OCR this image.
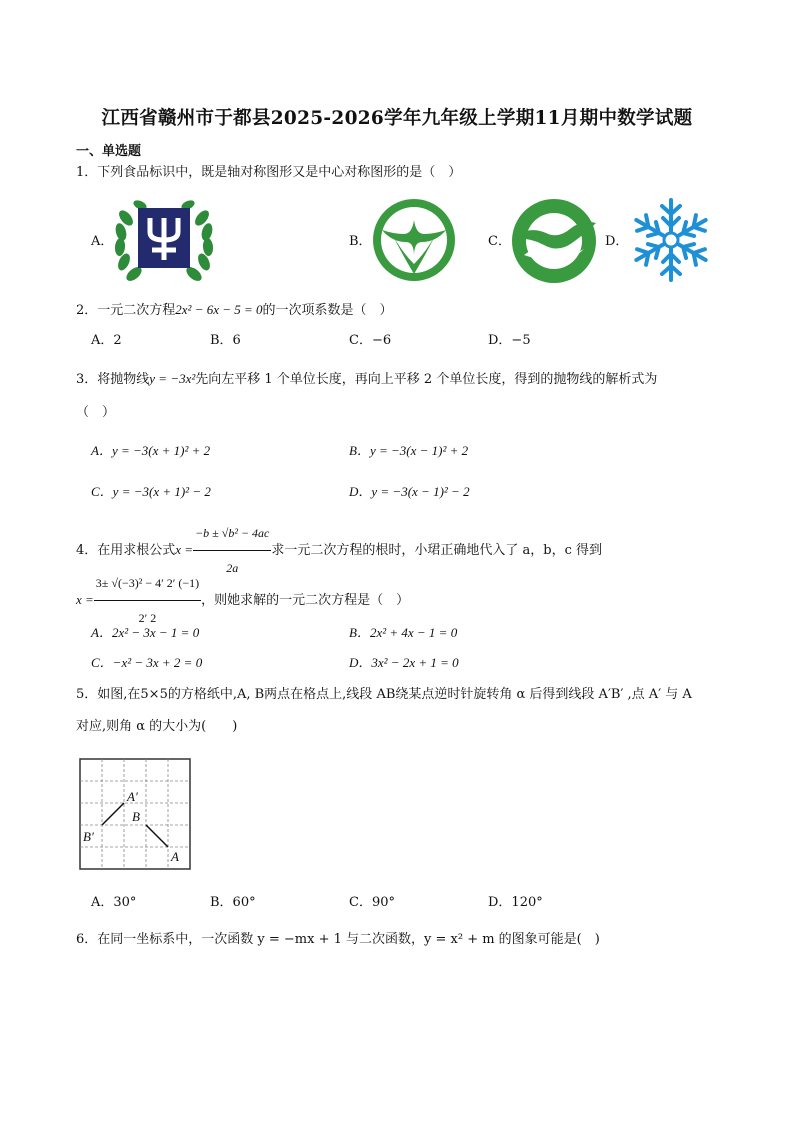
江西省赣州市于都县2025-2026学年九年级上学期11月期中数学试题
一、单选题
1．下列食品标识中，既是轴对称图形又是中心对称图形的是（　）
A．	B．	C．	D．
2．一元二次方程2x² − 6x − 5 = 0的一次项系数是（　）
A．2	B．6	C．−6	D．−5
3．将抛物线y = −3x²先向左平移 1 个单位长度，再向上平移 2 个单位长度，得到的抛物线的解析式为
（　）
A．y = −3(x + 1)² + 2	B．y = −3(x − 1)² + 2
C．y = −3(x + 1)² − 2	D．y = −3(x − 1)² − 2
4．在用求根公式$x = \frac{\text{−b ± √b² − 4ac}}{2a}$ 求一元二次方程的根时，小珺正确地代入了 a，b，c 得到
$x = \frac{\text{3± √(−3)² − 4′ 2′ (−1)}}{2' 2}$ ，则她求解的一元二次方程是（　）
A．2x² − 3x − 1 = 0	B．2x² + 4x − 1 = 0
C．−x² − 3x + 2 = 0	D．3x² − 2x + 1 = 0
5．如图,在5×5的方格纸中,A, B两点在格点上,线段 AB绕某点逆时针旋转角 α 后得到线段 A′B′ ,点 A′ 与 A
对应,则角 α 的大小为(　　)
A′
B
B′
A
A．30°	B．60°	C．90°	D．120°
6．在同一坐标系中，一次函数 y = −mx + 1 与二次函数，y = x² + m 的图象可能是(　)
